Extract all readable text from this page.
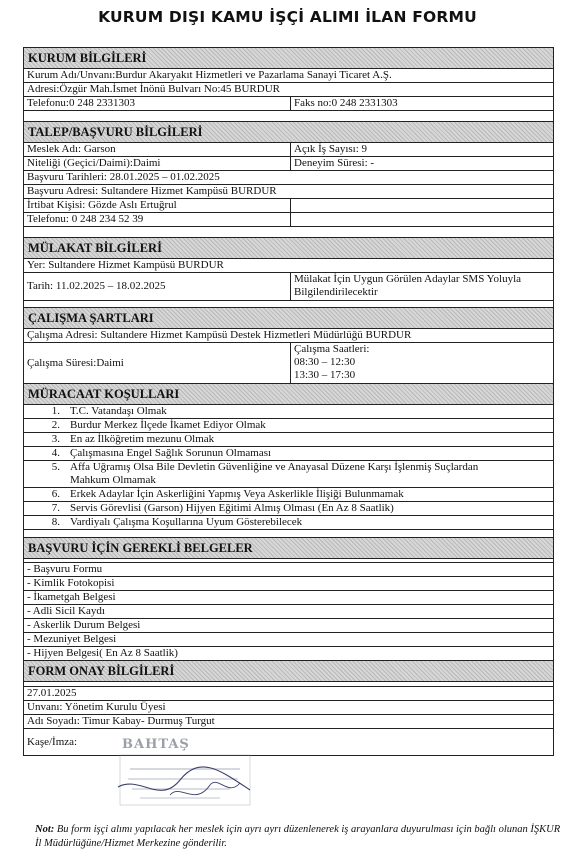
KURUM DIŞI KAMU İŞÇİ ALIMI İLAN FORMU
KURUM BİLGİLERİ
Kurum Adı/Unvanı:Burdur Akaryakıt Hizmetleri ve Pazarlama Sanayi Ticaret A.Ş.
Adresi:Özgür Mah.İsmet İnönü Bulvarı No:45 BURDUR
Telefonu:0 248 2331303	Faks no:0 248 2331303
TALEP/BAŞVURU BİLGİLERİ
Meslek Adı: Garson	Açık İş Sayısı: 9
Niteliği (Geçici/Daimi):Daimi	Deneyim Süresi: -
Başvuru Tarihleri: 28.01.2025 – 01.02.2025
Başvuru Adresi: Sultandere Hizmet Kampüsü BURDUR
İrtibat Kişisi: Gözde Aslı Ertuğrul
Telefonu: 0 248 234 52 39
MÜLAKAT BİLGİLERİ
Yer: Sultandere Hizmet Kampüsü BURDUR
Tarih: 11.02.2025 – 18.02.2025
Mülakat İçin Uygun Görülen Adaylar SMS Yoluyla
Bilgilendirilecektir
ÇALIŞMA ŞARTLARI
Çalışma Adresi: Sultandere Hizmet Kampüsü Destek Hizmetleri Müdürlüğü BURDUR
Çalışma Süresi:Daimi
Çalışma Saatleri:
08:30 – 12:30
13:30 – 17:30
MÜRACAAT KOŞULLARI
1. T.C. Vatandaşı Olmak
2. Burdur Merkez İlçede İkamet Ediyor Olmak
3. En az İlköğretim mezunu Olmak
4. Çalışmasına Engel Sağlık Sorunun Olmaması
5. Affa Uğramış Olsa Bile Devletin Güvenliğine ve Anayasal Düzene Karşı İşlenmiş Suçlardan Mahkum Olmamak
6. Erkek Adaylar İçin Askerliğini Yapmış Veya Askerlikle İlişiği Bulunmamak
7. Servis Görevlisi (Garson) Hijyen Eğitimi Almış Olması (En Az 8 Saatlik)
8. Vardiyalı Çalışma Koşullarına Uyum Gösterebilecek
BAŞVURU İÇİN GEREKLİ BELGELER
- Başvuru Formu
- Kimlik Fotokopisi
- İkametgah Belgesi
- Adli Sicil Kaydı
- Askerlik Durum Belgesi
- Mezuniyet Belgesi
- Hijyen Belgesi( En Az 8 Saatlik)
FORM ONAY BİLGİLERİ
27.01.2025
Unvanı: Yönetim Kurulu Üyesi
Adı Soyadı: Timur Kabay- Durmuş Turgut
Kaşe/İmza:	BAHTAŞ
Not: Bu form işçi alımı yapılacak her meslek için ayrı ayrı düzenlenerek iş arayanlara duyurulması için bağlı olunan İŞKUR İl Müdürlüğüne/Hizmet Merkezine gönderilir.
